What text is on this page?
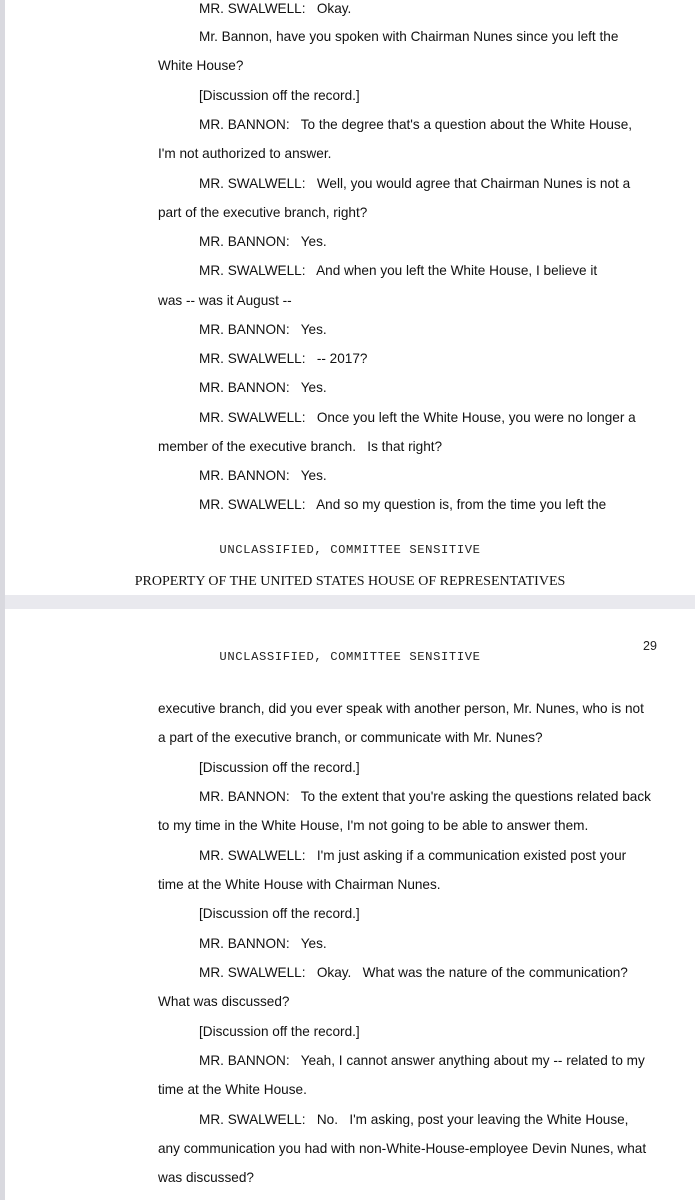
MR. SWALWELL:   Okay.
Mr. Bannon, have you spoken with Chairman Nunes since you left the
White House?
[Discussion off the record.]
MR. BANNON:   To the degree that's a question about the White House,
I'm not authorized to answer.
MR. SWALWELL:   Well, you would agree that Chairman Nunes is not a
part of the executive branch, right?
MR. BANNON:   Yes.
MR. SWALWELL:   And when you left the White House, I believe it
was -- was it August --
MR. BANNON:   Yes.
MR. SWALWELL:   -- 2017?
MR. BANNON:   Yes.
MR. SWALWELL:   Once you left the White House, you were no longer a
member of the executive branch.   Is that right?
MR. BANNON:   Yes.
MR. SWALWELL:   And so my question is, from the time you left the
UNCLASSIFIED, COMMITTEE SENSITIVE
PROPERTY OF THE UNITED STATES HOUSE OF REPRESENTATIVES
29
UNCLASSIFIED, COMMITTEE SENSITIVE
executive branch, did you ever speak with another person, Mr. Nunes, who is not
a part of the executive branch, or communicate with Mr. Nunes?
[Discussion off the record.]
MR. BANNON:   To the extent that you're asking the questions related back
to my time in the White House, I'm not going to be able to answer them.
MR. SWALWELL:   I'm just asking if a communication existed post your
time at the White House with Chairman Nunes.
[Discussion off the record.]
MR. BANNON:   Yes.
MR. SWALWELL:   Okay.   What was the nature of the communication?
What was discussed?
[Discussion off the record.]
MR. BANNON:   Yeah, I cannot answer anything about my -- related to my
time at the White House.
MR. SWALWELL:   No.   I'm asking, post your leaving the White House,
any communication you had with non-White-House-employee Devin Nunes, what
was discussed?
